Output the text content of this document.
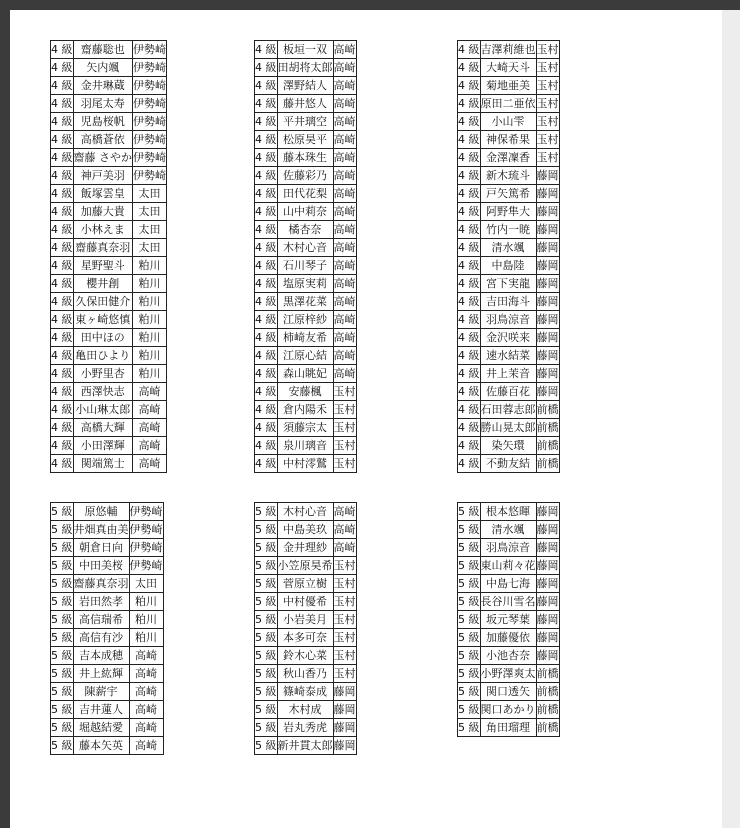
4 級	齋藤聡也	伊勢崎
4 級	矢内颯	伊勢崎
4 級	金井琳蔵	伊勢崎
4 級	羽尾太寿	伊勢崎
4 級	児島桜帆	伊勢崎
4 級	高橋蒼依	伊勢崎
4 級	齋藤 さやか	伊勢崎
4 級	神戸美羽	伊勢崎
4 級	飯塚雲皇	太田
4 級	加藤大貴	太田
4 級	小林えま	太田
4 級	齋藤真奈羽	太田
4 級	星野聖斗	粕川
4 級	櫻井創	粕川
4 級	久保田健介	粕川
4 級	東ヶ崎悠慎	粕川
4 級	田中ほの	粕川
4 級	亀田ひより	粕川
4 級	小野里杏	粕川
4 級	西澤快志	高崎
4 級	小山琳太郎	高崎
4 級	高橋大輝	高崎
4 級	小田澤輝	高崎
4 級	関端篤士	高崎
4 級	板垣一双	高崎
4 級	田胡将太郎	高崎
4 級	澤野結人	高崎
4 級	藤井悠人	高崎
4 級	平井璃空	高崎
4 級	松原昊平	高崎
4 級	藤本珠生	高崎
4 級	佐藤彩乃	高崎
4 級	田代花梨	高崎
4 級	山中莉奈	高崎
4 級	橘杏奈	高崎
4 級	木村心音	高崎
4 級	石川琴子	高崎
4 級	塩原実莉	高崎
4 級	黒澤花菜	高崎
4 級	江原梓紗	高崎
4 級	柿崎友希	高崎
4 級	江原心結	高崎
4 級	森山眺妃	高崎
4 級	安藤楓	玉村
4 級	倉内陽禾	玉村
4 級	須藤宗太	玉村
4 級	泉川璃音	玉村
4 級	中村澪鷲	玉村
4 級	吉澤莉維也	玉村
4 級	大崎天斗	玉村
4 級	菊地亜美	玉村
4 級	原田二亜依	玉村
4 級	小山雫	玉村
4 級	神保希果	玉村
4 級	金澤凜香	玉村
4 級	新木琉斗	藤岡
4 級	戸矢篤希	藤岡
4 級	阿野隼大	藤岡
4 級	竹内一暁	藤岡
4 級	清水颯	藤岡
4 級	中島陸	藤岡
4 級	宮下実龍	藤岡
4 級	吉田海斗	藤岡
4 級	羽鳥涼音	藤岡
4 級	金沢咲来	藤岡
4 級	速水結菜	藤岡
4 級	井上茉音	藤岡
4 級	佐藤百花	藤岡
4 級	石田蓉志郎	前橋
4 級	勝山晃太郎	前橋
4 級	染矢環	前橋
4 級	不動友結	前橋
5 級	原悠輔	伊勢崎
5 級	井畑真由美	伊勢崎
5 級	朝倉日向	伊勢崎
5 級	中田美桜	伊勢崎
5 級	齋藤真奈羽	太田
5 級	岩田然孝	粕川
5 級	高信瑞希	粕川
5 級	高信有沙	粕川
5 級	吉本成穂	高崎
5 級	井上紘輝	高崎
5 級	陳薪宇	高崎
5 級	吉井蓮人	高崎
5 級	堀越結愛	高崎
5 級	藤本矢英	高崎
5 級	木村心音	高崎
5 級	中島美玖	高崎
5 級	金井理紗	高崎
5 級	小笠原昊希	玉村
5 級	菅原立樹	玉村
5 級	中村優希	玉村
5 級	小岩美月	玉村
5 級	本多可奈	玉村
5 級	鈴木心菜	玉村
5 級	秋山香乃	玉村
5 級	篠崎泰成	藤岡
5 級	木村成	藤岡
5 級	岩丸秀虎	藤岡
5 級	新井貫太郎	藤岡
5 級	根本悠暉	藤岡
5 級	清水颯	藤岡
5 級	羽鳥涼音	藤岡
5 級	東山莉々花	藤岡
5 級	中島七海	藤岡
5 級	長谷川雪名	藤岡
5 級	坂元琴葉	藤岡
5 級	加藤優依	藤岡
5 級	小池杏奈	藤岡
5 級	小野澤爽太	前橋
5 級	関口透矢	前橋
5 級	関口あかり	前橋
5 級	角田瑠理	前橋
